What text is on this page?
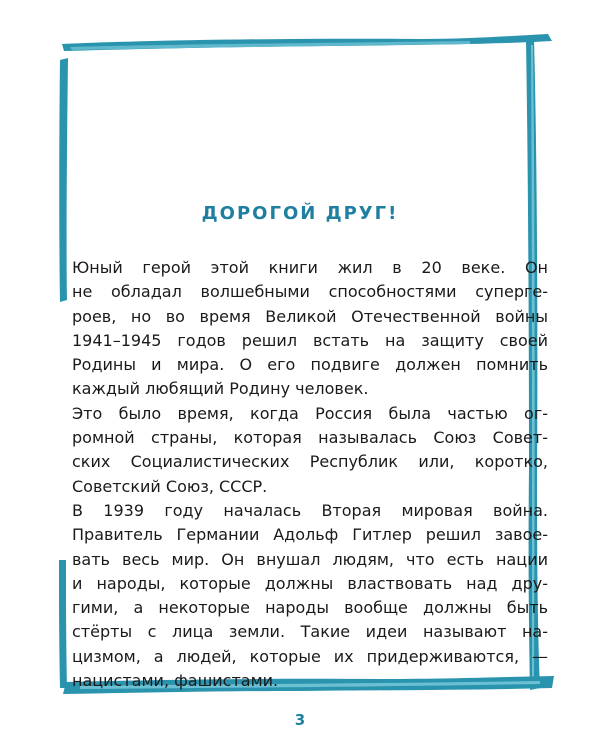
ДОРОГОЙ ДРУГ!
Юный герой этой книги жил в 20 веке. Он
не обладал волшебными способностями суперге-
роев, но во время Великой Отечественной войны
1941–1945 годов решил встать на защиту своей
Родины и мира. О его подвиге должен помнить
каждый любящий Родину человек.
Это было время, когда Россия была частью ог-
ромной страны, которая называлась Союз Совет-
ских Социалистических Республик или, коротко,
Советский Союз, СССР.
В 1939 году началась Вторая мировая война.
Правитель Германии Адольф Гитлер решил завое-
вать весь мир. Он внушал людям, что есть нации
и народы, которые должны властвовать над дру-
гими, а некоторые народы вообще должны быть
стёрты с лица земли. Такие идеи называют на-
цизмом, а людей, которые их придерживаются, —
нацистами, фашистами.
3
